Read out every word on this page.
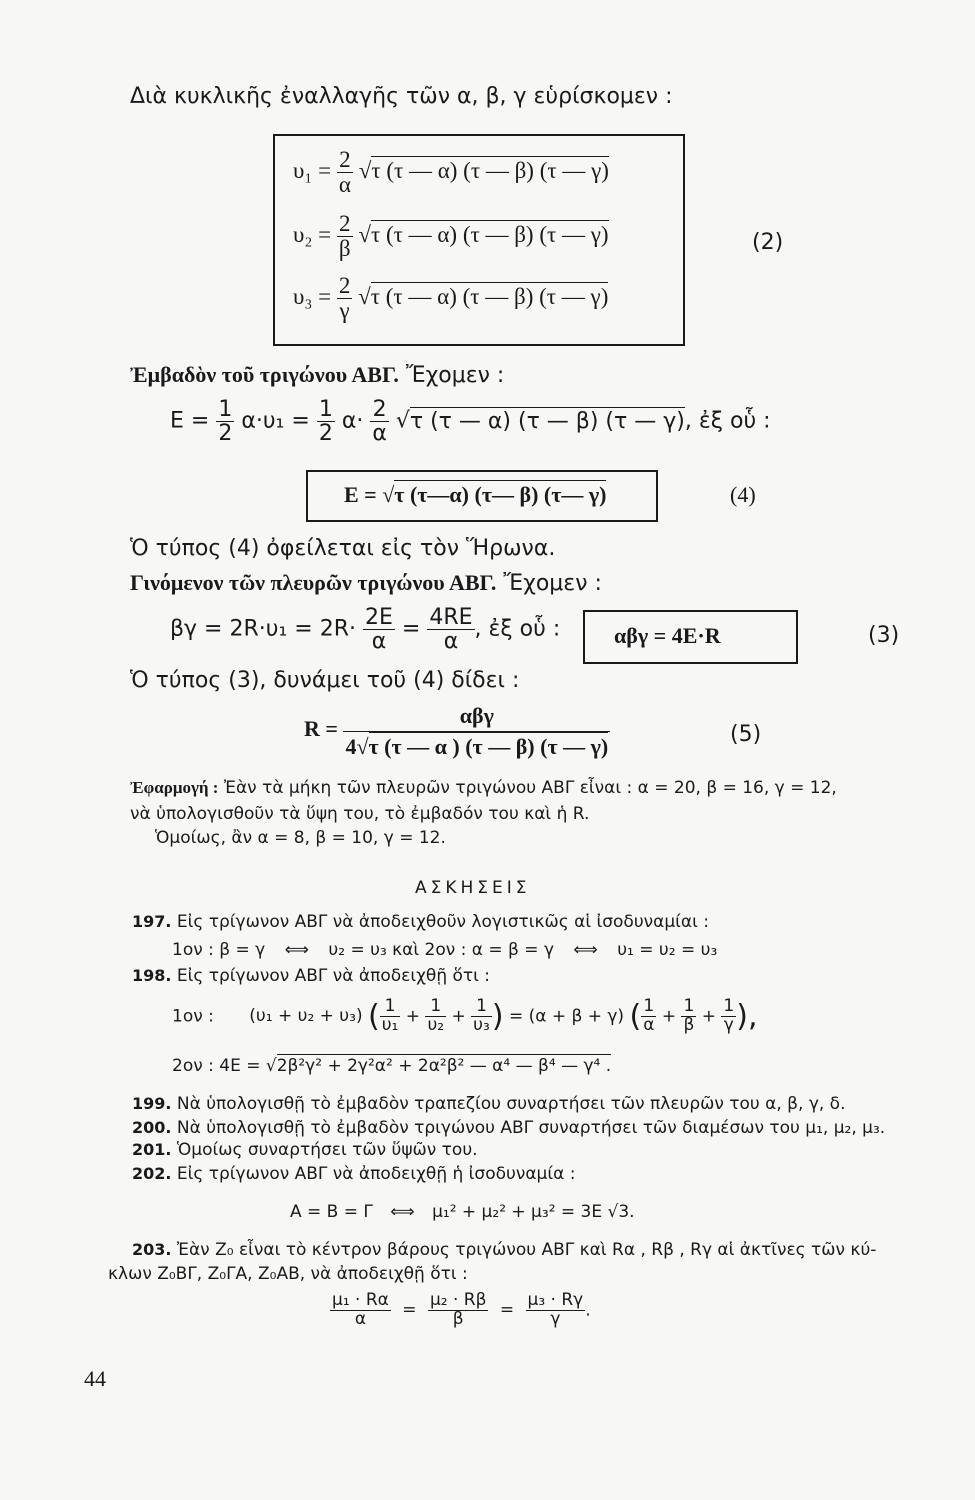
Διὰ κυκλικῆς ἐναλλαγῆς τῶν α, β, γ εὑρίσκομεν :
$\upsilon_1 = \frac{2}{\alpha} √\tau$ (τ — α) (τ — β) (τ — γ)
$\upsilon_2 = \frac{2}{\beta} √\tau$ (τ — α) (τ — β) (τ — γ)
$\upsilon_3 = \frac{2}{\gamma} √\tau$ (τ — α) (τ — β) (τ — γ)
(2)
Ἐμβαδὸν τοῦ τριγώνου ΑΒΓ. Ἔχομεν :
$E = \frac{1}{2} \alpha\cdot\upsilon_1 = \frac{1}{2} \alpha\cdot \frac{2}{\alpha} √\tau$ (τ — α) (τ — β) (τ — γ), ἐξ οὗ :
E = √τ (τ—α) (τ— β) (τ— γ)	(4)
Ὁ τύπος (4) ὀφείλεται εἰς τὸν Ἥρωνα.
Γινόμενον τῶν πλευρῶν τριγώνου ΑΒΓ. Ἔχομεν :
$\beta\gamma = 2R\cdot\upsilon_1 = 2R\cdot \frac{2E}{\alpha} = \frac{4RE}{\alpha}$ , ἐξ οὗ : αβγ = 4E·R	(3)
Ὁ τύπος (3), δυνάμει τοῦ (4) δίδει :
$R = \frac{\text{αβγ}}{4√\tau (\tau — \alpha ) (\tau — \beta) (\tau — \gamma)}$	(5)
Ἐφαρμογή : Ἐὰν τὰ μήκη τῶν πλευρῶν τριγώνου ΑΒΓ εἶναι : α = 20, β = 16, γ = 12,
νὰ ὑπολογισθοῦν τὰ ὕψη του, τὸ ἐμβαδόν του καὶ ἡ R.
Ὁμοίως, ἂν α = 8, β = 10, γ = 12.
ΑΣΚΗΣΕΙΣ
197. Εἰς τρίγωνον ΑΒΓ νὰ ἀποδειχθοῦν λογιστικῶς αἱ ἰσοδυναμίαι :
1ον : β = γ ⟺ υ₂ = υ₃ καὶ 2ον : α = β = γ ⟺ υ₁ = υ₂ = υ₃
198. Εἰς τρίγωνον ΑΒΓ νὰ ἀποδειχθῇ ὅτι :
1ον : (υ₁ + υ₂ + υ₃) ( $\frac{1}{\text{υ₁}} + \frac{1}{\text{υ₂}} + \frac{1}{\text{υ₃}}$ ) = (α + β + γ) ( $\frac{1}{\alpha} + \frac{1}{\beta} + \frac{1}{\gamma}$ ),
2ον : 4E = √2β²γ² + 2γ²α² + 2α²β² — α⁴ — β⁴ — γ⁴ .
199. Νὰ ὑπολογισθῇ τὸ ἐμβαδὸν τραπεζίου συναρτήσει τῶν πλευρῶν του α, β, γ, δ.
200. Νὰ ὑπολογισθῇ τὸ ἐμβαδὸν τριγώνου ΑΒΓ συναρτήσει τῶν διαμέσων του μ₁, μ₂, μ₃.
201. Ὁμοίως συναρτήσει τῶν ὕψῶν του.
202. Εἰς τρίγωνον ΑΒΓ νὰ ἀποδειχθῇ ἡ ἰσοδυναμία :
A = B = Γ ⟺ μ₁² + μ₂² + μ₃² = 3E √3.
203. Ἐὰν Z₀ εἶναι τὸ κέντρον βάρους τριγώνου ΑΒΓ καὶ Rα , Rβ , Rγ αἱ ἀκτῖνες τῶν κύ-
κλων Z₀ΒΓ, Z₀ΓΑ, Z₀ΑΒ, νὰ ἀποδειχθῇ ὅτι :
$\frac{\text{μ₁ · Rα}}{\alpha} = \frac{\text{μ₂ · Rβ}}{\beta} = \frac{\text{μ₃ · Rγ}}{\gamma}$ .
44
